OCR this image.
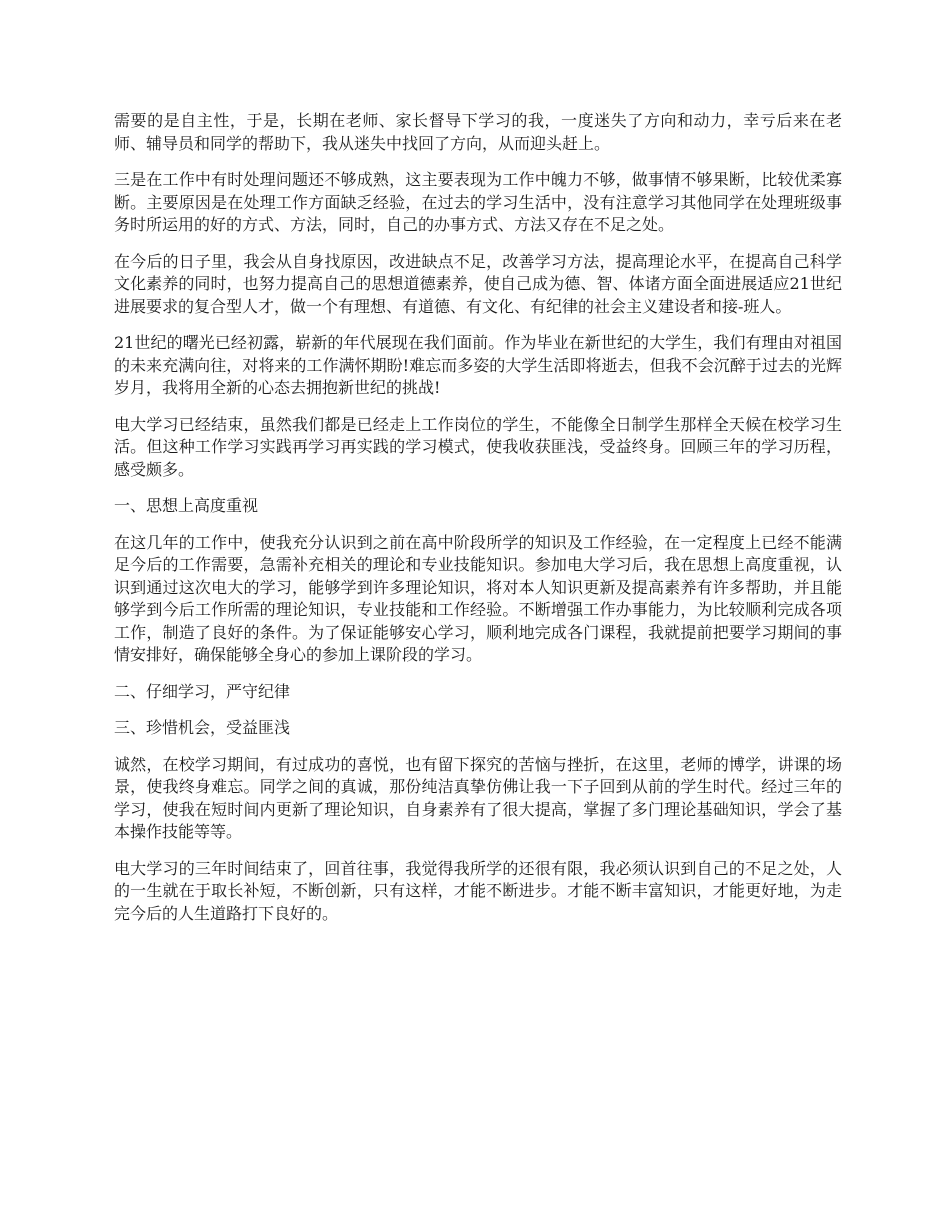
需要的是自主性，于是，长期在老师、家长督导下学习的我，一度迷失了方向和动力，幸亏后来在老师、辅导员和同学的帮助下，我从迷失中找回了方向，从而迎头赶上。

三是在工作中有时处理问题还不够成熟，这主要表现为工作中魄力不够，做事情不够果断，比较优柔寡断。主要原因是在处理工作方面缺乏经验，在过去的学习生活中，没有注意学习其他同学在处理班级事务时所运用的好的方式、方法，同时，自己的办事方式、方法又存在不足之处。

在今后的日子里，我会从自身找原因，改进缺点不足，改善学习方法，提高理论水平，在提高自己科学文化素养的同时，也努力提高自己的思想道德素养，使自己成为德、智、体诸方面全面进展适应21世纪进展要求的复合型人才，做一个有理想、有道德、有文化、有纪律的社会主义建设者和接-班人。

21世纪的曙光已经初露，崭新的年代展现在我们面前。作为毕业在新世纪的大学生，我们有理由对祖国的未来充满向往，对将来的工作满怀期盼!难忘而多姿的大学生活即将逝去，但我不会沉醉于过去的光辉岁月，我将用全新的心态去拥抱新世纪的挑战!

电大学习已经结束，虽然我们都是已经走上工作岗位的学生，不能像全日制学生那样全天候在校学习生活。但这种工作学习实践再学习再实践的学习模式，使我收获匪浅，受益终身。回顾三年的学习历程，感受颇多。

一、思想上高度重视

在这几年的工作中，使我充分认识到之前在高中阶段所学的知识及工作经验，在一定程度上已经不能满足今后的工作需要，急需补充相关的理论和专业技能知识。参加电大学习后，我在思想上高度重视，认识到通过这次电大的学习，能够学到许多理论知识，将对本人知识更新及提高素养有许多帮助，并且能够学到今后工作所需的理论知识，专业技能和工作经验。不断增强工作办事能力，为比较顺利完成各项工作，制造了良好的条件。为了保证能够安心学习，顺利地完成各门课程，我就提前把要学习期间的事情安排好，确保能够全身心的参加上课阶段的学习。

二、仔细学习，严守纪律

三、珍惜机会，受益匪浅

诚然，在校学习期间，有过成功的喜悦，也有留下探究的苦恼与挫折，在这里，老师的博学，讲课的场景，使我终身难忘。同学之间的真诚，那份纯洁真挚仿佛让我一下子回到从前的学生时代。经过三年的学习，使我在短时间内更新了理论知识，自身素养有了很大提高，掌握了多门理论基础知识，学会了基本操作技能等等。

电大学习的三年时间结束了，回首往事，我觉得我所学的还很有限，我必须认识到自己的不足之处，人的一生就在于取长补短，不断创新，只有这样，才能不断进步。才能不断丰富知识，才能更好地，为走完今后的人生道路打下良好的。
